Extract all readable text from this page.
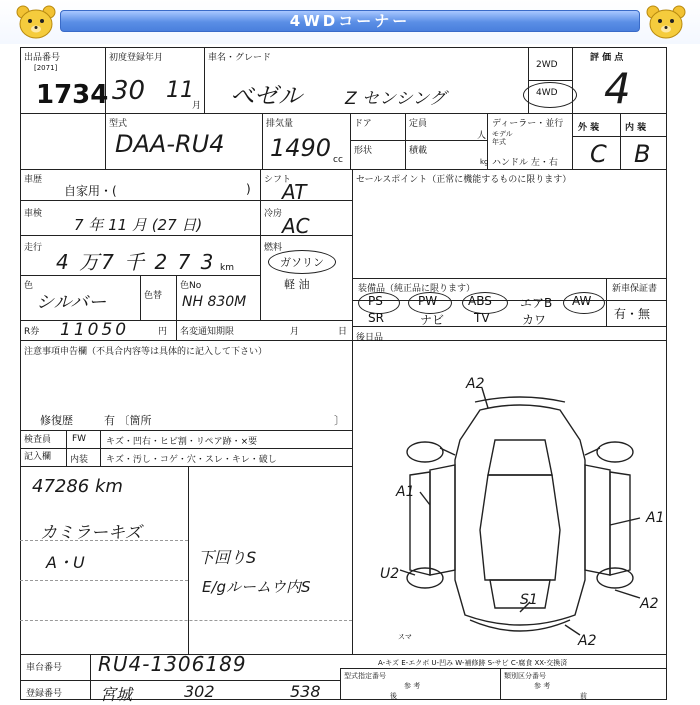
4WDコーナー
出品番号
[2071]
1734
初度登録年月
30 11
月
車名・グレード
べゼル	Z センシング
2WD
4WD
評 価 点
4
型式
DAA-RU4
排気量
1490 cc
ドア	定員
人
ディーラー・並行
モデル
年式
形状	積載
kg ハンドル 左・右
外 装	内 装
C B
車歴
自家用・(	)
シフト
AT
車検
7 年 11 月 (27 日)
冷房 AC
走行
4 万7 千 2 7 3 km
燃料
ガソリン
軽 油
色
シルバー	色替
色No
NH 830M
R券 11050	円 名変通知期限	月	日
セールスポイント（正常に機能するものに限ります）
装備品（純正品に限ります）	新車保証書
有・無
PS	PW	ABS エアB AW
SR	ナビ TV	カワ
後日品
注意事項申告欄（不具合内容等は具体的に記入して下さい）
修復歴	有 〔箇所	〕
検査員
記入欄
FW キズ・凹右・ヒビ割・リペア跡・×要
内装 キズ・汚し・コゲ・穴・スレ・キレ・破し
47286 km
カミラーキズ
A・U	下回りS
E/gルームウ内S
A2
A1
A1
U2
S1	A2
A2
スマ
A-キズ E-エクボ U-凹み W-補修跡 S-サビ C-腐食 XX-交換済
車台番号 RU4-1306189
登録番号 宮城	302	538
型式指定番号
参 考
類別区分番号
参 考
後	前
